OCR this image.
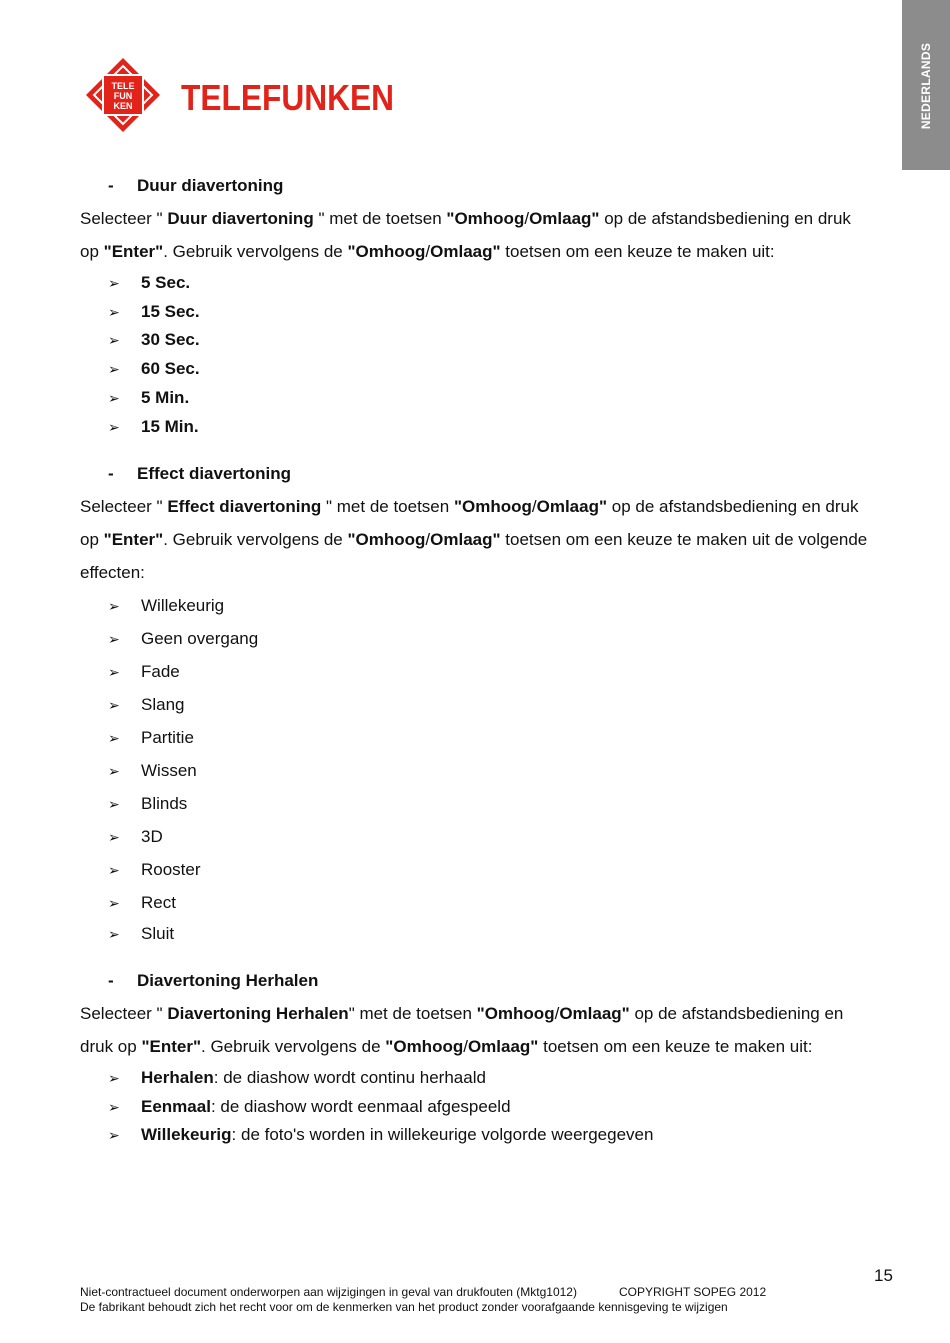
NEDERLANDS
TELE
FUN
KEN TELEFUNKEN
- Duur diavertoning
Selecteer " Duur diavertoning " met de toetsen "Omhoog/Omlaag" op de afstandsbediening en druk
op "Enter". Gebruik vervolgens de "Omhoog/Omlaag" toetsen om een keuze te maken uit:
➢ 5 Sec.
➢ 15 Sec.
➢ 30 Sec.
➢ 60 Sec.
➢ 5 Min.
➢ 15 Min.
- Effect diavertoning
Selecteer " Effect diavertoning " met de toetsen "Omhoog/Omlaag" op de afstandsbediening en druk
op "Enter". Gebruik vervolgens de "Omhoog/Omlaag" toetsen om een keuze te maken uit de volgende
effecten:
➢ Willekeurig
➢ Geen overgang
➢ Fade
➢ Slang
➢ Partitie
➢ Wissen
➢ Blinds
➢ 3D
➢ Rooster
➢ Rect
➢ Sluit
- Diavertoning Herhalen
Selecteer " Diavertoning Herhalen" met de toetsen "Omhoog/Omlaag" op de afstandsbediening en
druk op "Enter". Gebruik vervolgens de "Omhoog/Omlaag" toetsen om een keuze te maken uit:
➢ Herhalen: de diashow wordt continu herhaald
➢ Eenmaal: de diashow wordt eenmaal afgespeeld
➢ Willekeurig: de foto's worden in willekeurige volgorde weergegeven
15
Niet-contractueel document onderworpen aan wijzigingen in geval van drukfouten (Mktg1012)	COPYRIGHT SOPEG 2012
De fabrikant behoudt zich het recht voor om de kenmerken van het product zonder voorafgaande kennisgeving te wijzigen
